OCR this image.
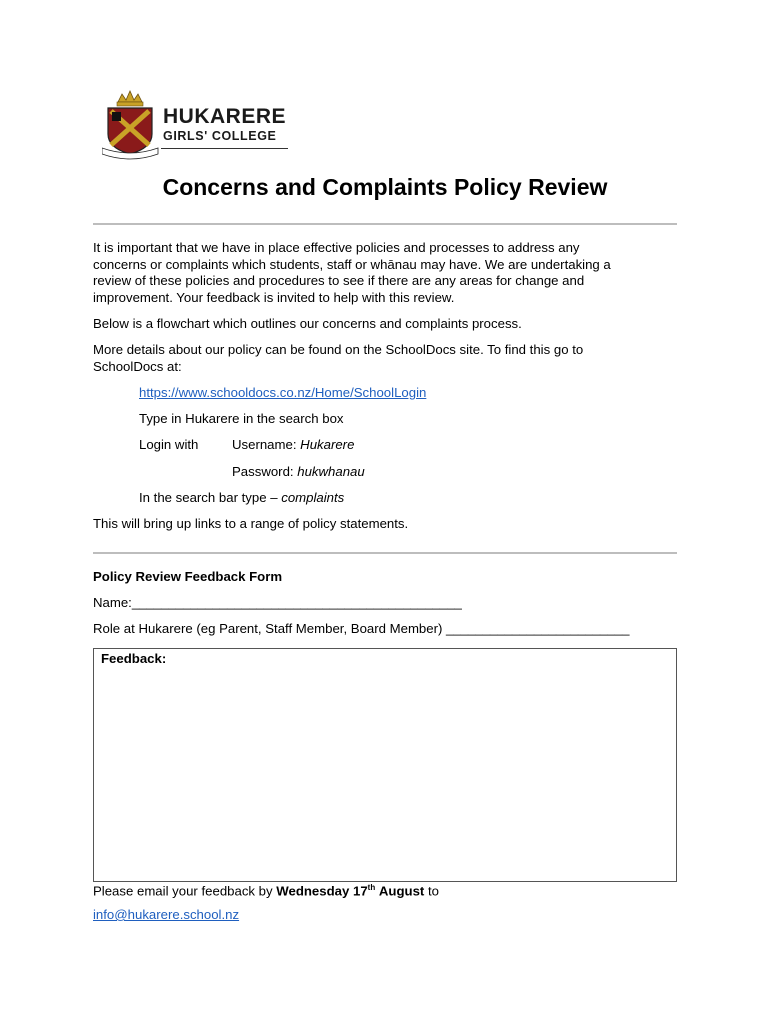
HUKARERE
GIRLS' COLLEGE
Concerns and Complaints Policy Review
It is important that we have in place effective policies and processes to address any
concerns or complaints which students, staff or whānau may have. We are undertaking a
review of these policies and procedures to see if there are any areas for change and
improvement. Your feedback is invited to help with this review.
Below is a flowchart which outlines our concerns and complaints process.
More details about our policy can be found on the SchoolDocs site. To find this go to
SchoolDocs at:
https://www.schooldocs.co.nz/Home/SchoolLogin
Type in Hukarere in the search box
Login with	Username: Hukarere
Password: hukwhanau
In the search bar type – complaints
This will bring up links to a range of policy statements.
Policy Review Feedback Form
Name:_____________________________________________
Role at Hukarere (eg Parent, Staff Member, Board Member) _________________________
Feedback:
Please email your feedback by Wednesday 17th August to
info@hukarere.school.nz
